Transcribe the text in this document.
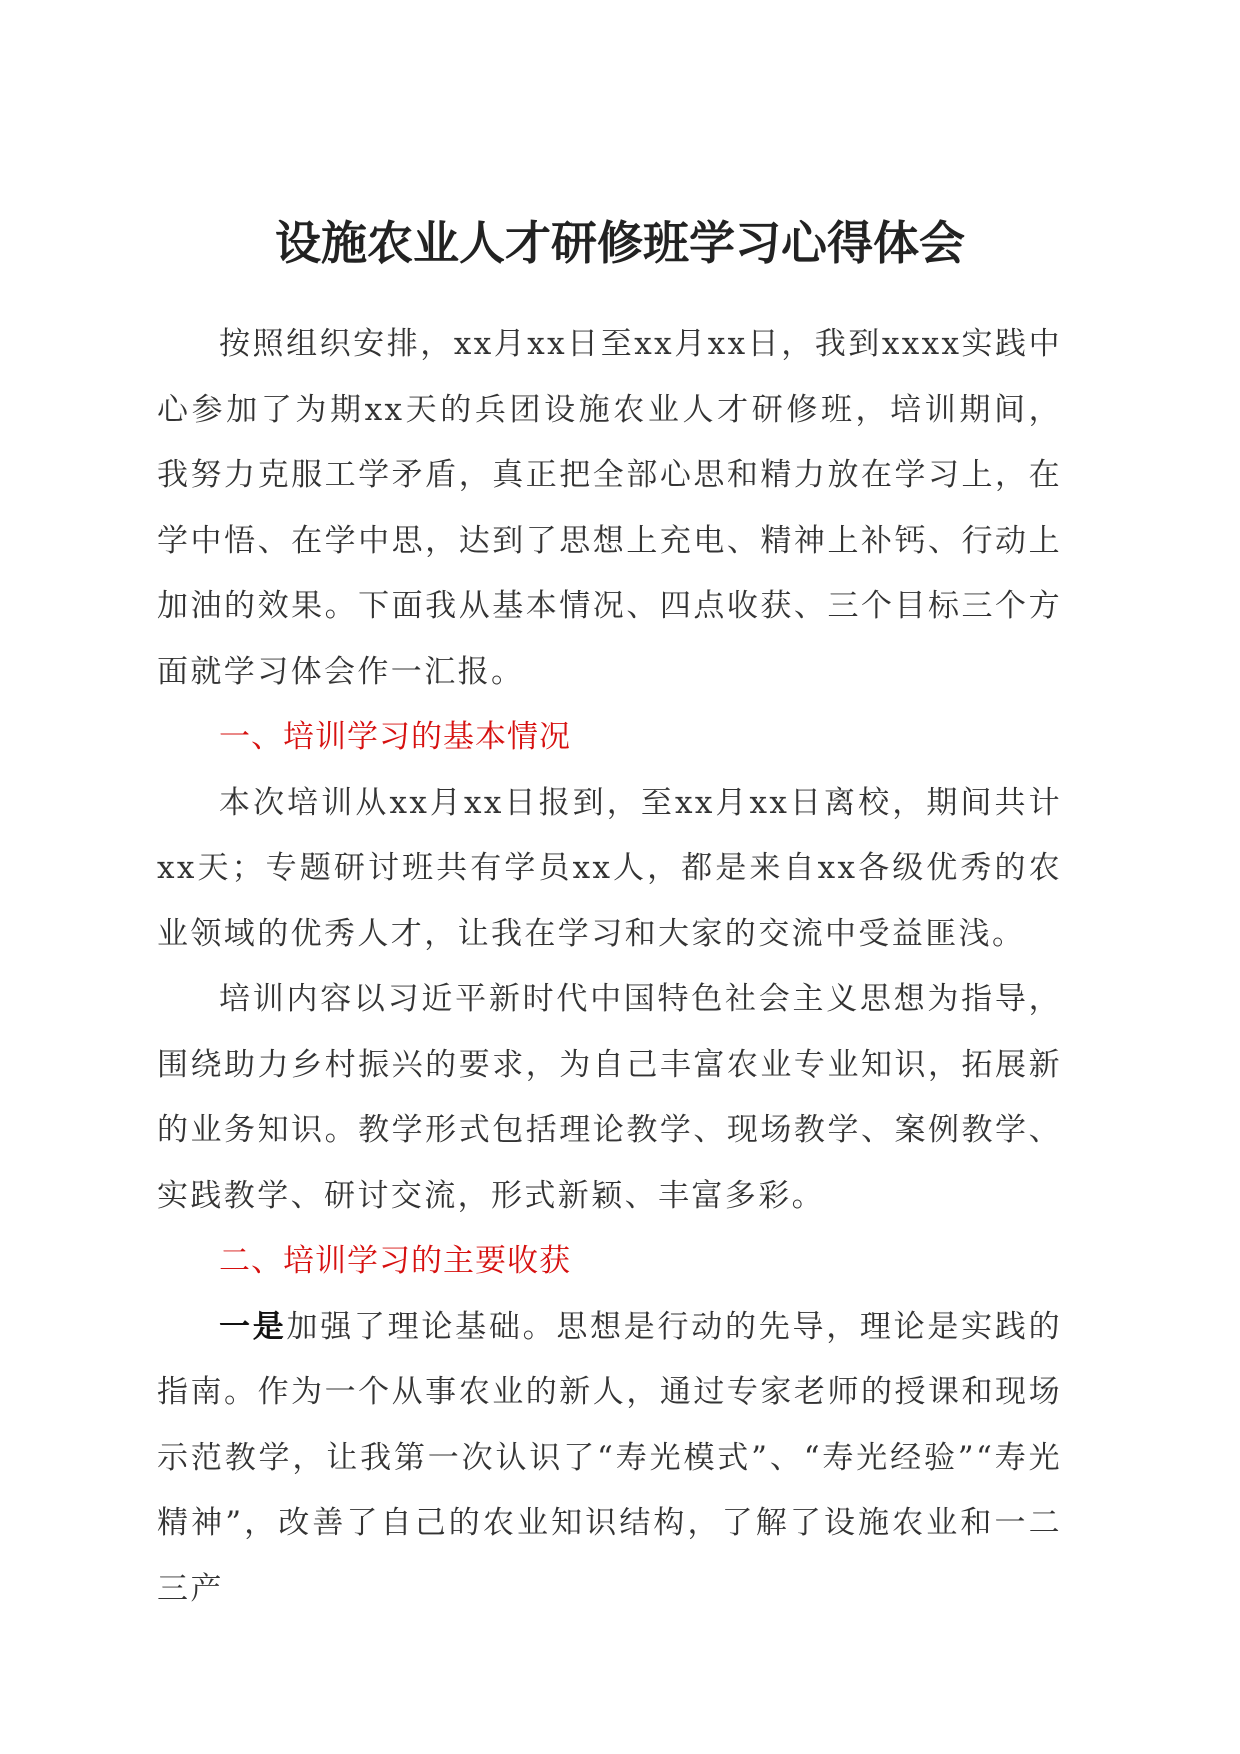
设施农业人才研修班学习心得体会

按照组织安排，xx月xx日至xx月xx日，我到xxxx实践中心参加了为期xx天的兵团设施农业人才研修班，培训期间，我努力克服工学矛盾，真正把全部心思和精力放在学习上，在学中悟、在学中思，达到了思想上充电、精神上补钙、行动上加油的效果。下面我从基本情况、四点收获、三个目标三个方面就学习体会作一汇报。

一、培训学习的基本情况

本次培训从xx月xx日报到，至xx月xx日离校，期间共计xx天；专题研讨班共有学员xx人，都是来自xx各级优秀的农业领域的优秀人才，让我在学习和大家的交流中受益匪浅。

培训内容以习近平新时代中国特色社会主义思想为指导，围绕助力乡村振兴的要求，为自己丰富农业专业知识，拓展新的业务知识。教学形式包括理论教学、现场教学、案例教学、实践教学、研讨交流，形式新颖、丰富多彩。

二、培训学习的主要收获

一是加强了理论基础。思想是行动的先导，理论是实践的指南。作为一个从事农业的新人，通过专家老师的授课和现场示范教学，让我第一次认识了“寿光模式”、“寿光经验”“寿光精神”，改善了自己的农业知识结构，了解了设施农业和一二三产
